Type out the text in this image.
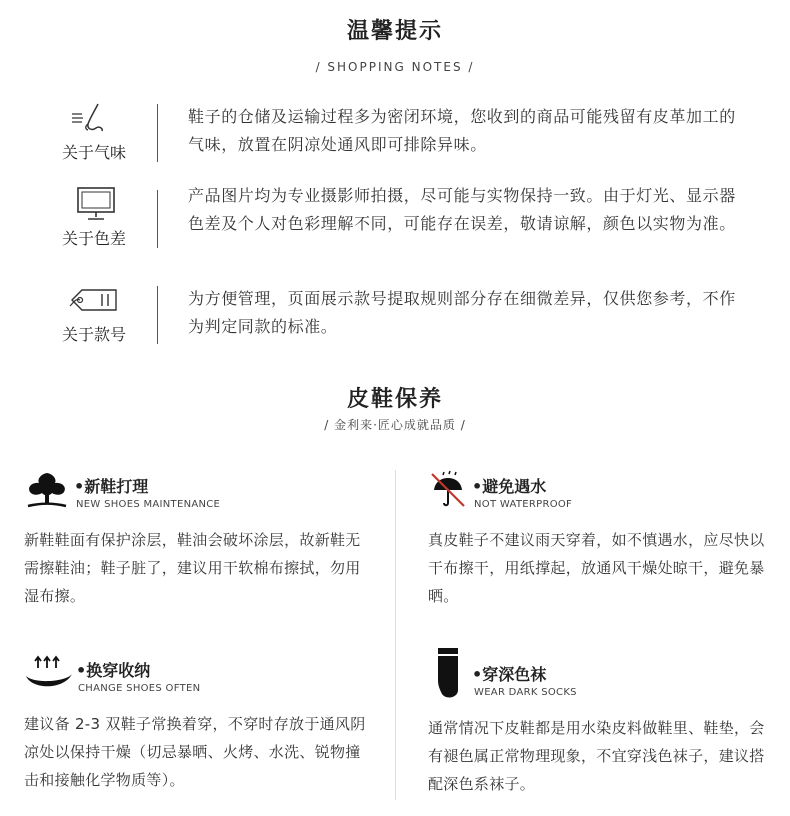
温馨提示
/ SHOPPING NOTES /
关于气味
鞋子的仓储及运输过程多为密闭环境，您收到的商品可能残留有皮革加工的气味，放置在阴凉处通风即可排除异味。
关于色差
产品图片均为专业摄影师拍摄，尽可能与实物保持一致。由于灯光、显示器色差及个人对色彩理解不同，可能存在误差，敬请谅解，颜色以实物为准。
关于款号
为方便管理，页面展示款号提取规则部分存在细微差异，仅供您参考，不作为判定同款的标准。
皮鞋保养
/ 金利来·匠心成就品质 /
•新鞋打理
NEW SHOES MAINTENANCE
新鞋鞋面有保护涂层，鞋油会破坏涂层，故新鞋无需擦鞋油；鞋子脏了，建议用干软棉布擦拭，勿用湿布擦。
•避免遇水
NOT WATERPROOF
真皮鞋子不建议雨天穿着，如不慎遇水，应尽快以干布擦干，用纸撑起，放通风干燥处晾干，避免暴晒。
•换穿收纳
CHANGE SHOES OFTEN
建议备 2-3 双鞋子常换着穿，不穿时存放于通风阴凉处以保持干燥（切忌暴晒、火烤、水洗、锐物撞击和接触化学物质等）。
•穿深色袜
WEAR DARK SOCKS
通常情况下皮鞋都是用水染皮料做鞋里、鞋垫，会有褪色属正常物理现象，不宜穿浅色袜子，建议搭配深色系袜子。
